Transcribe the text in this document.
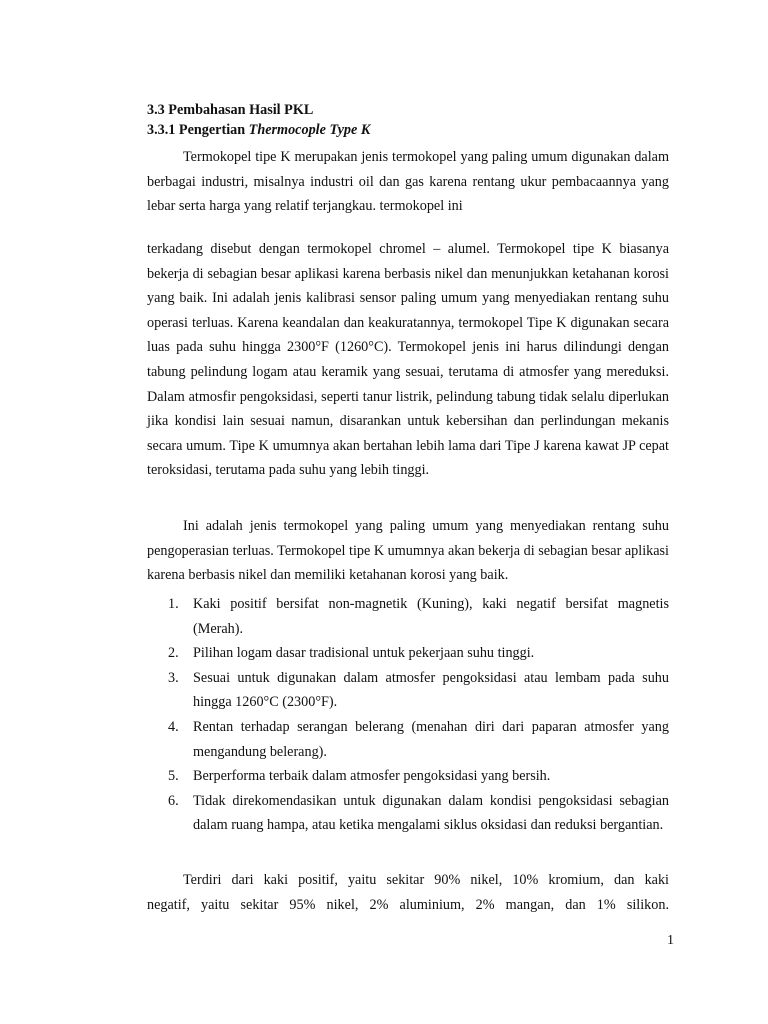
3.3 Pembahasan Hasil PKL
3.3.1 Pengertian Thermocople Type K
Termokopel tipe K merupakan jenis termokopel yang paling umum digunakan dalam berbagai industri, misalnya industri oil dan gas karena rentang ukur pembacaannya yang lebar serta harga yang relatif terjangkau. termokopel ini
terkadang disebut dengan termokopel chromel – alumel. Termokopel tipe K biasanya bekerja di sebagian besar aplikasi karena berbasis nikel dan menunjukkan ketahanan korosi yang baik. Ini adalah jenis kalibrasi sensor paling umum yang menyediakan rentang suhu operasi terluas. Karena keandalan dan keakuratannya, termokopel Tipe K digunakan secara luas pada suhu hingga 2300°F (1260°C). Termokopel jenis ini harus dilindungi dengan tabung pelindung logam atau keramik yang sesuai, terutama di atmosfer yang mereduksi. Dalam atmosfir pengoksidasi, seperti tanur listrik, pelindung tabung tidak selalu diperlukan jika kondisi lain sesuai namun, disarankan untuk kebersihan dan perlindungan mekanis secara umum. Tipe K umumnya akan bertahan lebih lama dari Tipe J karena kawat JP cepat teroksidasi, terutama pada suhu yang lebih tinggi.
Ini adalah jenis termokopel yang paling umum yang menyediakan rentang suhu pengoperasian terluas. Termokopel tipe K umumnya akan bekerja di sebagian besar aplikasi karena berbasis nikel dan memiliki ketahanan korosi yang baik.
1. Kaki positif bersifat non-magnetik (Kuning), kaki negatif bersifat magnetis (Merah).
2. Pilihan logam dasar tradisional untuk pekerjaan suhu tinggi.
3. Sesuai untuk digunakan dalam atmosfer pengoksidasi atau lembam pada suhu hingga 1260°C (2300°F).
4. Rentan terhadap serangan belerang (menahan diri dari paparan atmosfer yang mengandung belerang).
5. Berperforma terbaik dalam atmosfer pengoksidasi yang bersih.
6. Tidak direkomendasikan untuk digunakan dalam kondisi pengoksidasi sebagian dalam ruang hampa, atau ketika mengalami siklus oksidasi dan reduksi bergantian.
Terdiri dari kaki positif, yaitu sekitar 90% nikel, 10% kromium, dan kaki
negatif, yaitu sekitar 95% nikel, 2% aluminium, 2% mangan, dan 1% silikon.
1
